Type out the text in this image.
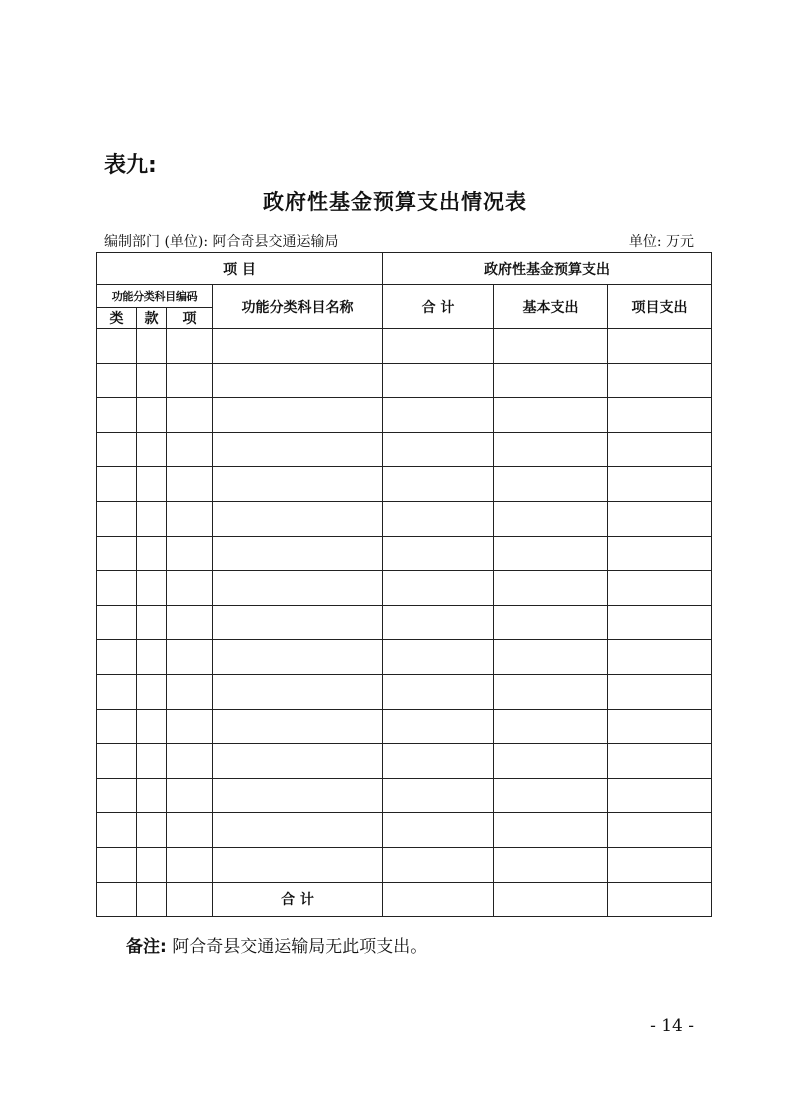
表九:
政府性基金预算支出情况表
编制部门 (单位): 阿合奇县交通运输局	单位: 万元
项 目				政府性基金预算支出		
功能分类科目编码			功能分类科目名称	合 计	基本支出	项目支出
类	款	项				

			合 计			
备注: 阿合奇县交通运输局无此项支出。
- 14 -
